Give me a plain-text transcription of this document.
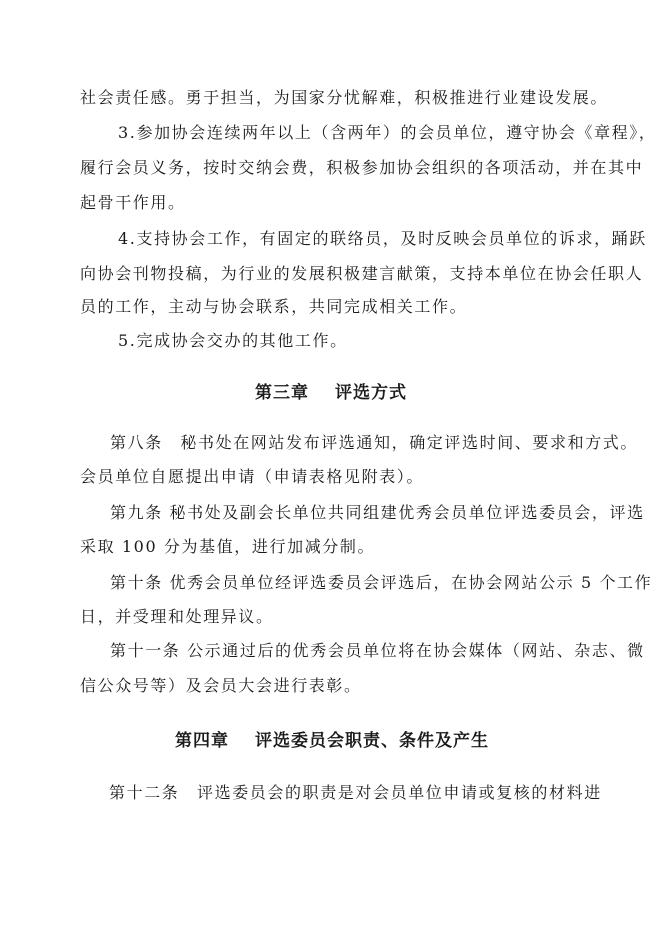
社会责任感。勇于担当，为国家分忧解难，积极推进行业建设发展。
3.参加协会连续两年以上（含两年）的会员单位，遵守协会《章程》，
履行会员义务，按时交纳会费，积极参加协会组织的各项活动，并在其中
起骨干作用。
4.支持协会工作，有固定的联络员，及时反映会员单位的诉求，踊跃
向协会刊物投稿，为行业的发展积极建言献策，支持本单位在协会任职人
员的工作，主动与协会联系，共同完成相关工作。
5.完成协会交办的其他工作。
第三章 评选方式
第八条　秘书处在网站发布评选通知，确定评选时间、要求和方式。
会员单位自愿提出申请（申请表格见附表）。
第九条 秘书处及副会长单位共同组建优秀会员单位评选委员会，评选
采取 100 分为基值，进行加减分制。
第十条 优秀会员单位经评选委员会评选后，在协会网站公示 5 个工作
日，并受理和处理异议。
第十一条 公示通过后的优秀会员单位将在协会媒体（网站、杂志、微
信公众号等）及会员大会进行表彰。
第四章 评选委员会职责、条件及产生
第十二条　评选委员会的职责是对会员单位申请或复核的材料进
